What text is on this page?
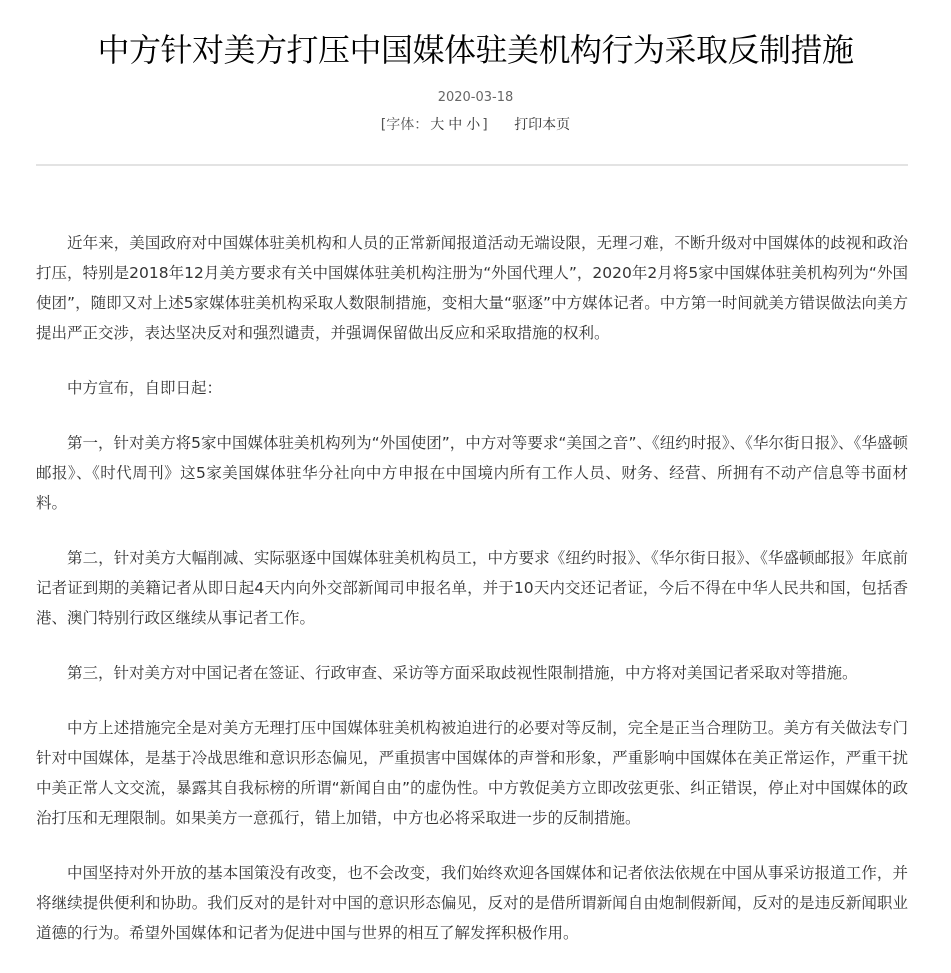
中方针对美方打压中国媒体驻美机构行为采取反制措施
2020-03-18
[字体： 大 中 小 ] 打印本页

近年来，美国政府对中国媒体驻美机构和人员的正常新闻报道活动无端设限，无理刁难，不断升级对中国媒体的歧视和政治打压，特别是2018年12月美方要求有关中国媒体驻美机构注册为“外国代理人”，2020年2月将5家中国媒体驻美机构列为“外国使团”，随即又对上述5家媒体驻美机构采取人数限制措施，变相大量“驱逐”中方媒体记者。中方第一时间就美方错误做法向美方提出严正交涉，表达坚决反对和强烈谴责，并强调保留做出反应和采取措施的权利。

中方宣布，自即日起：

第一，针对美方将5家中国媒体驻美机构列为“外国使团”，中方对等要求“美国之音”、《纽约时报》、《华尔街日报》、《华盛顿邮报》、《时代周刊》这5家美国媒体驻华分社向中方申报在中国境内所有工作人员、财务、经营、所拥有不动产信息等书面材料。

第二，针对美方大幅削减、实际驱逐中国媒体驻美机构员工，中方要求《纽约时报》、《华尔街日报》、《华盛顿邮报》年底前记者证到期的美籍记者从即日起4天内向外交部新闻司申报名单，并于10天内交还记者证，今后不得在中华人民共和国，包括香港、澳门特别行政区继续从事记者工作。

第三，针对美方对中国记者在签证、行政审查、采访等方面采取歧视性限制措施，中方将对美国记者采取对等措施。

中方上述措施完全是对美方无理打压中国媒体驻美机构被迫进行的必要对等反制，完全是正当合理防卫。美方有关做法专门针对中国媒体，是基于冷战思维和意识形态偏见，严重损害中国媒体的声誉和形象，严重影响中国媒体在美正常运作，严重干扰中美正常人文交流，暴露其自我标榜的所谓“新闻自由”的虚伪性。中方敦促美方立即改弦更张、纠正错误，停止对中国媒体的政治打压和无理限制。如果美方一意孤行，错上加错，中方也必将采取进一步的反制措施。

中国坚持对外开放的基本国策没有改变，也不会改变，我们始终欢迎各国媒体和记者依法依规在中国从事采访报道工作，并将继续提供便利和协助。我们反对的是针对中国的意识形态偏见，反对的是借所谓新闻自由炮制假新闻，反对的是违反新闻职业道德的行为。希望外国媒体和记者为促进中国与世界的相互了解发挥积极作用。
